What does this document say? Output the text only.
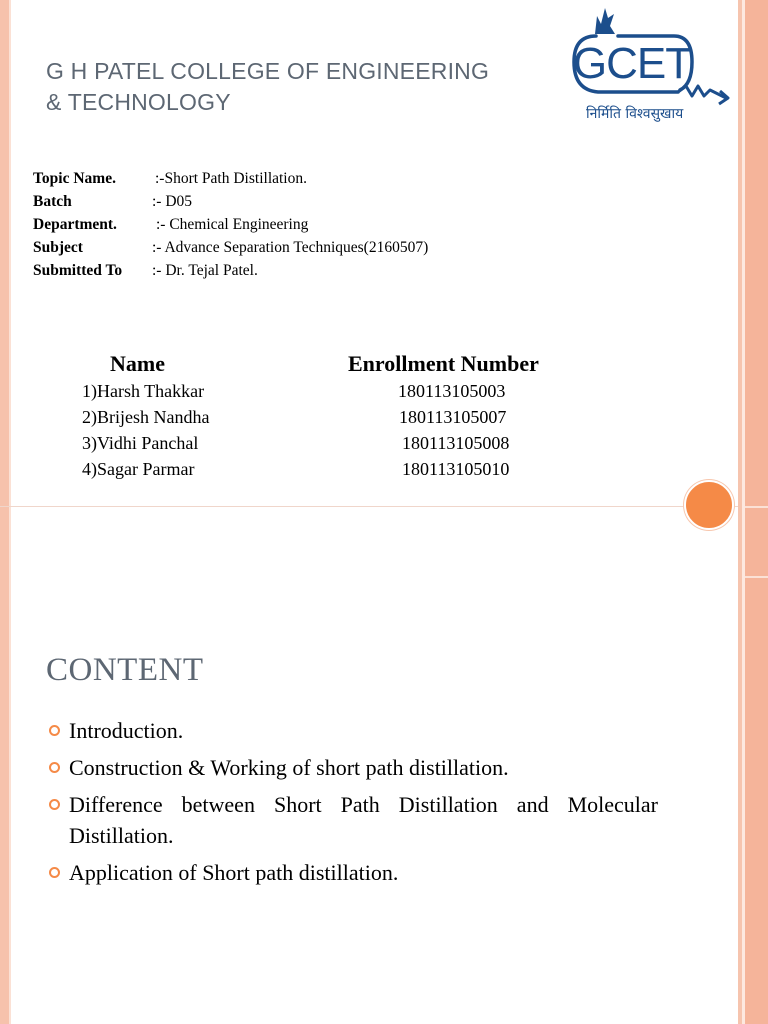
G H PATEL COLLEGE OF ENGINEERING
& TECHNOLOGY
GCET
निर्मिति विश्वसुखाय
Topic Name.	:-Short Path Distillation.
Batch	:- D05
Department.	:- Chemical Engineering
Subject	:- Advance Separation Techniques(2160507)
Submitted To :- Dr. Tejal Patel.
Name	Enrollment Number
1)Harsh Thakkar	180113105003
2)Brijesh Nandha	180113105007
3)Vidhi Panchal	180113105008
4)Sagar Parmar	180113105010
CONTENT
Introduction.
Construction & Working of short path distillation.
Difference between Short Path Distillation and Molecular Distillation.
Application of Short path distillation.
